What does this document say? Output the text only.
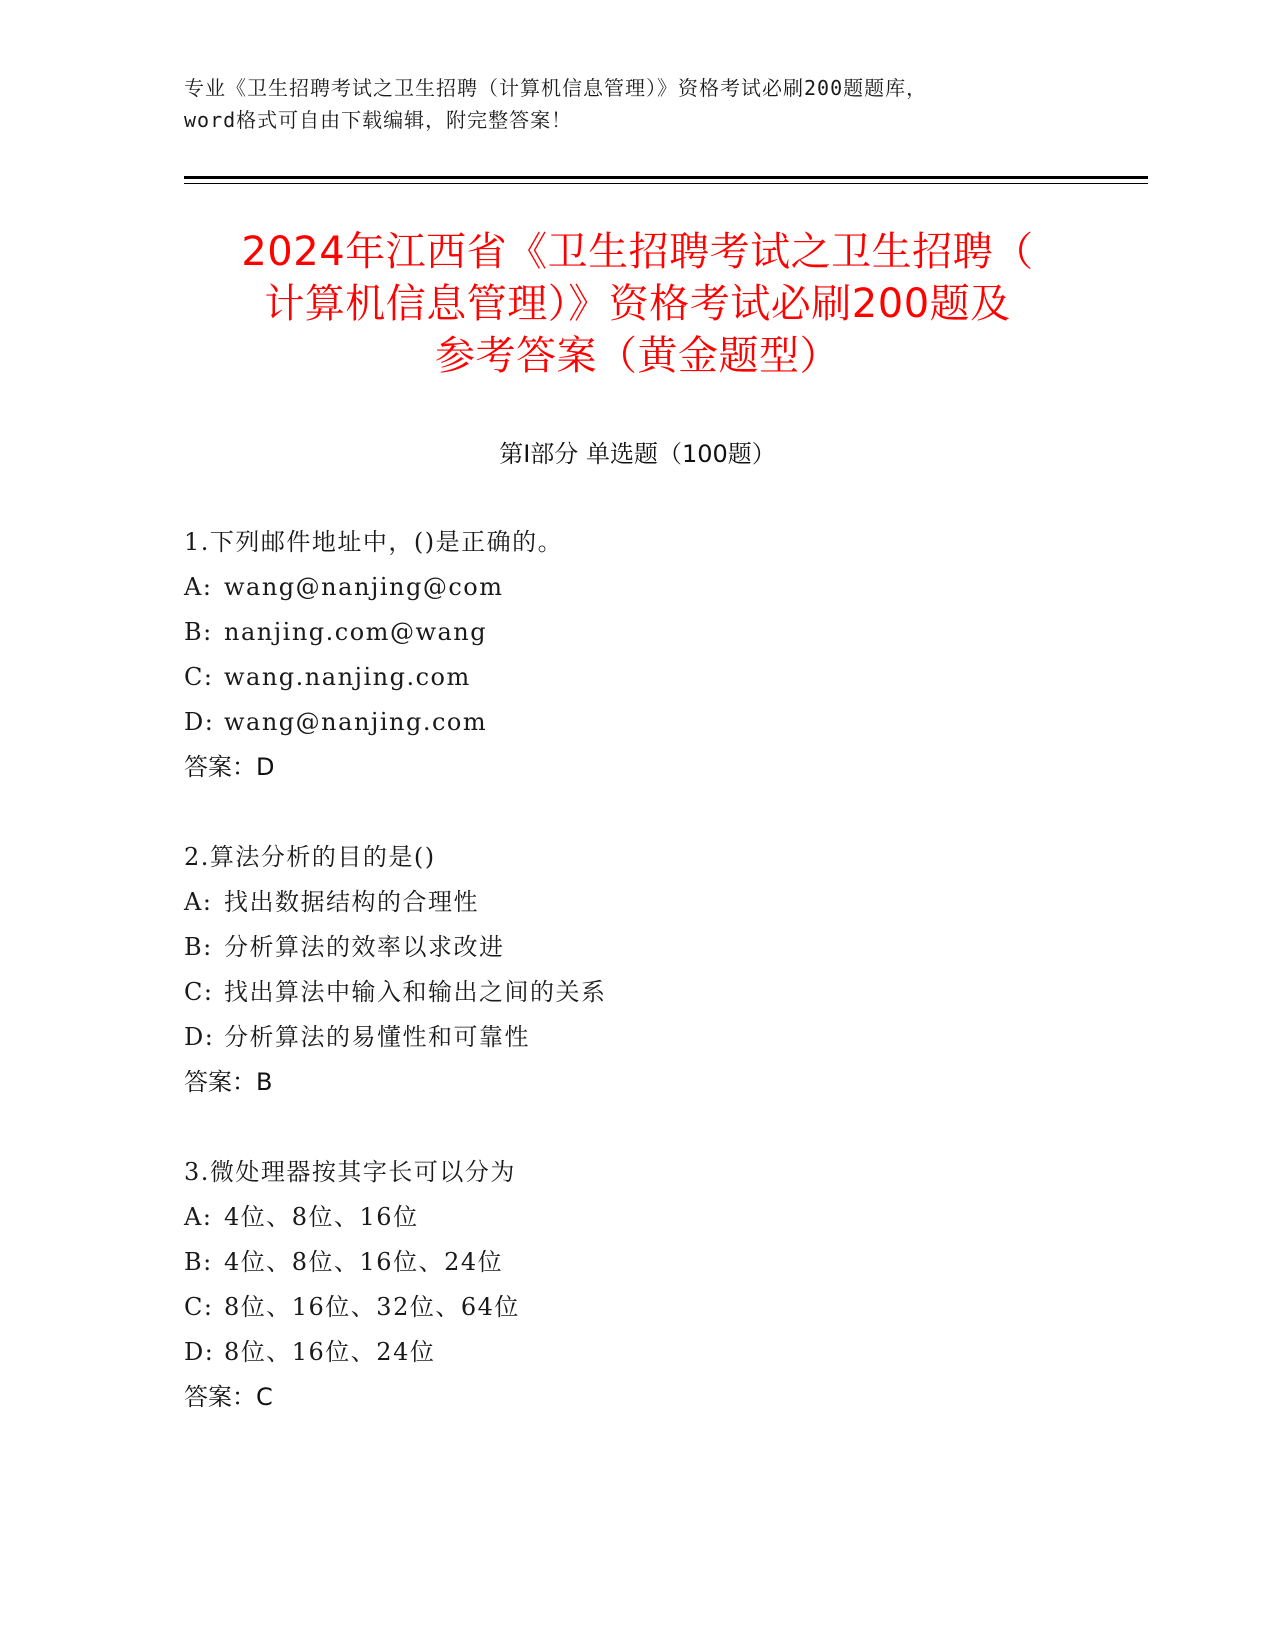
专业《卫生招聘考试之卫生招聘（计算机信息管理）》资格考试必刷200题题库，
word格式可自由下载编辑，附完整答案！
2024年江西省《卫生招聘考试之卫生招聘（
计算机信息管理）》资格考试必刷200题及
参考答案（黄金题型）
第Ⅰ部分 单选题（100题）
1.下列邮件地址中，()是正确的。
A: wang@nanjing@com
B: nanjing.com@wang
C: wang.nanjing.com
D: wang@nanjing.com
答案：D
2.算法分析的目的是()
A: 找出数据结构的合理性
B: 分析算法的效率以求改进
C: 找出算法中输入和输出之间的关系
D: 分析算法的易懂性和可靠性
答案：B
3.微处理器按其字长可以分为
A: 4位、8位、16位
B: 4位、8位、16位、24位
C: 8位、16位、32位、64位
D: 8位、16位、24位
答案：C
